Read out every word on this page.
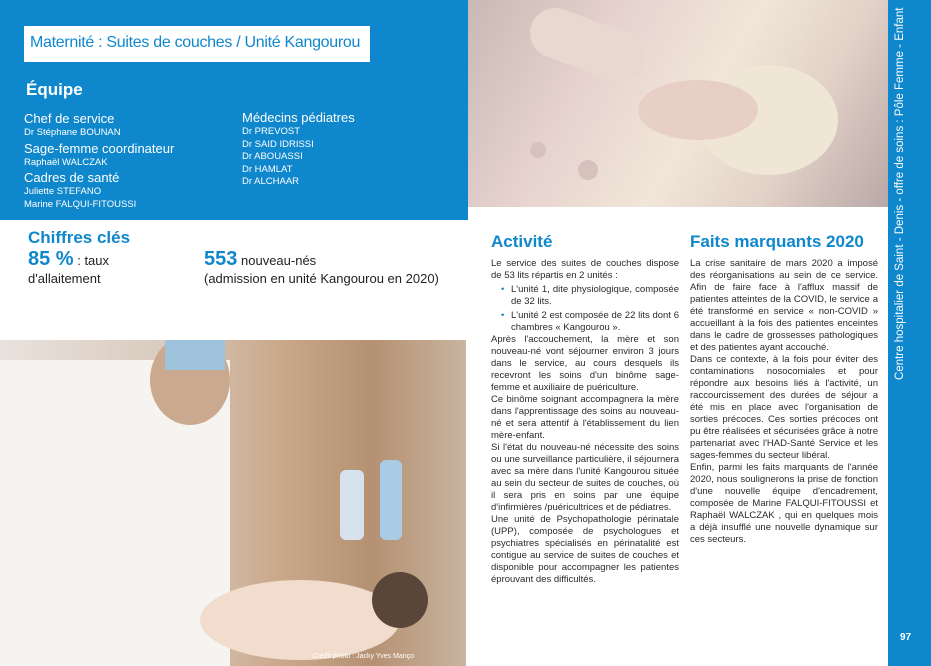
Maternité : Suites de couches / Unité Kangourou
Équipe
Chef de service
Dr Stéphane BOUNAN
Sage-femme coordinateur
Raphaël WALCZAK
Cadres de santé
Juliette STEFANO
Marine FALQUI-FITOUSSI
Médecins pédiatres
Dr PREVOST
Dr SAID IDRISSI
Dr ABOUASSI
Dr HAMLAT
Dr ALCHAAR
Chiffres clés
85 % : taux
d'allaitement
553 nouveau-nés
(admission en unité Kangourou en 2020)
Crédit photo : Jacky Yves Manço
Activité

Le service des suites de couches dispose de 53 lits répartis en 2 unités :

• L'unité 1, dite physiologique, composée de 32 lits.

• L'unité 2 est composée de 22 lits dont 6 chambres « Kangourou ».

Après l'accouchement, la mère et son nouveau-né vont séjourner environ 3 jours dans le service, au cours desquels ils recevront les soins d'un binôme sage-femme et auxiliaire de puériculture.

Ce binôme soignant accompagnera la mère dans l'apprentissage des soins au nouveau-né et sera attentif à l'établissement du lien mère-enfant.

Si l'état du nouveau-né nécessite des soins ou une surveillance particulière, il séjournera avec sa mère dans l'unité Kangourou située au sein du secteur de suites de couches, où il sera pris en soins par une équipe d'infirmières /puéricultrices et de pédiatres.

Une unité de Psychopathologie périnatale (UPP), composée de psychologues et psychiatres spécialisés en périnatalité est contigue au service de suites de couches et disponible pour accompagner les patientes éprouvant des difficultés.

Faits marquants 2020

La crise sanitaire de mars 2020 a imposé des réorganisations au sein de ce service. Afin de faire face à l'afflux massif de patientes atteintes de la COVID, le service a été transformé en service « non-COVID » accueillant à la fois des patientes enceintes dans le cadre de grossesses pathologiques et des patientes ayant accouché.

Dans ce contexte, à la fois pour éviter des contaminations nosocomiales et pour répondre aux besoins liés à l'activité, un raccourcissement des durées de séjour a été mis en place avec l'organisation de sorties précoces. Ces sorties précoces ont pu être réalisées et sécurisées grâce à notre partenariat avec l'HAD-Santé Service et les sages-femmes du secteur libéral.

Enfin, parmi les faits marquants de l'année 2020, nous soulignerons la prise de fonction d'une nouvelle équipe d'encadrement, composée de Marine FALQUI-FITOUSSI et Raphaël WALCZAK , qui en quelques mois a déjà insufflé une nouvelle dynamique sur ces secteurs.

Centre hospitalier de Saint - Denis - offre de soins : Pôle Femme - Enfant
97
